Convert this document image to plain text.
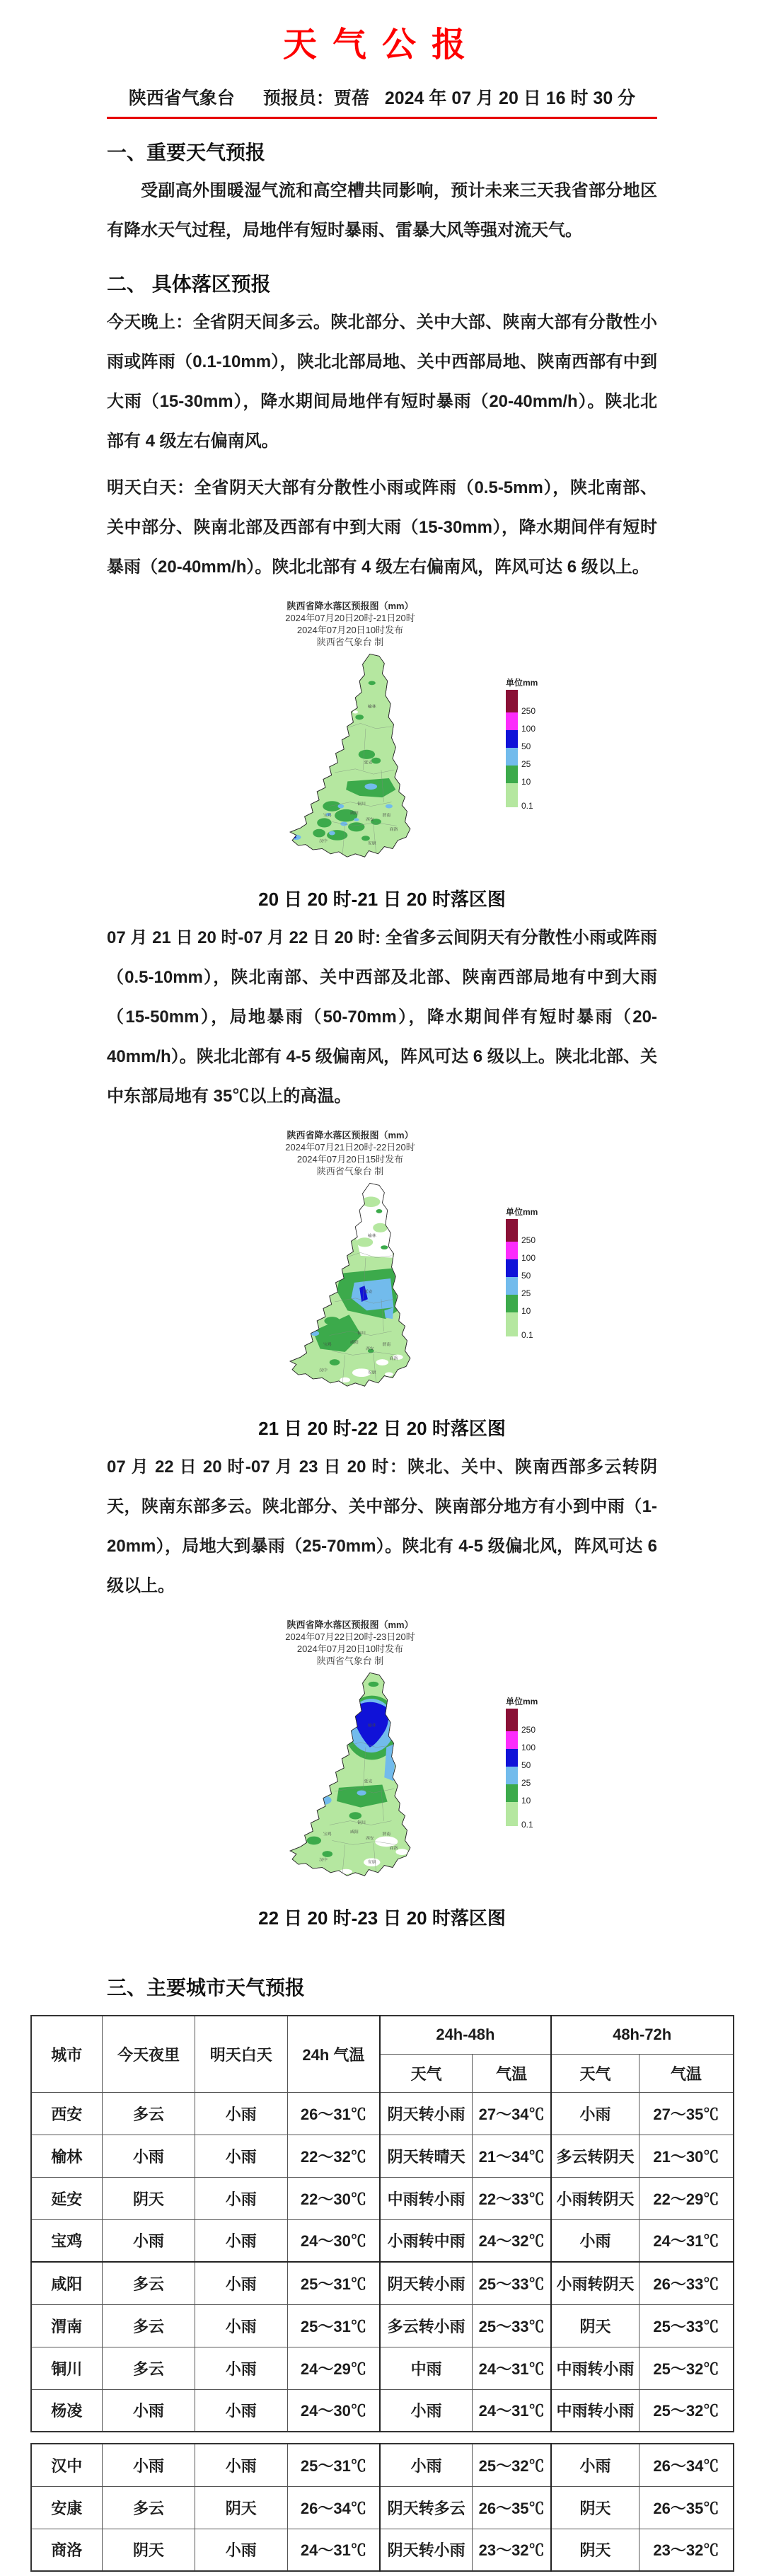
天气公报
陕西省气象台 预报员：贾蓓 2024 年 07 月 20 日 16 时 30 分
一、重要天气预报

受副高外围暖湿气流和高空槽共同影响，预计未来三天我省部分地区有降水天气过程，局地伴有短时暴雨、雷暴大风等强对流天气。

二、 具体落区预报

今天晚上：全省阴天间多云。陕北部分、关中大部、陕南大部有分散性小雨或阵雨（0.1-10mm），陕北北部局地、关中西部局地、陕南西部有中到大雨（15-30mm），降水期间局地伴有短时暴雨（20-40mm/h）。陕北北部有 4 级左右偏南风。

明天白天：全省阴天大部有分散性小雨或阵雨（0.5-5mm），陕北南部、关中部分、陕南北部及西部有中到大雨（15-30mm），降水期间伴有短时暴雨（20-40mm/h）。陕北北部有 4 级左右偏南风，阵风可达 6 级以上。

陕西省降水落区预报图（mm）
2024年07月20日20时-21日20时
2024年07月20日10时发布
陕西省气象台 制
榆林
延安
铜川
渭南
西安
咸阳
宝鸡
汉中	安康
商洛
单位mm
250
100
50
25
10
0.1
20 日 20 时-21 日 20 时落区图

07 月 21 日 20 时-07 月 22 日 20 时: 全省多云间阴天有分散性小雨或阵雨（0.5-10mm），陕北南部、关中西部及北部、陕南西部局地有中到大雨（15-50mm），局地暴雨（50-70mm），降水期间伴有短时暴雨（20-40mm/h）。陕北北部有 4-5 级偏南风，阵风可达 6 级以上。陕北北部、关中东部局地有 35℃以上的高温。

陕西省降水落区预报图（mm）
2024年07月21日20时-22日20时
2024年07月20日15时发布
陕西省气象台 制
榆林
延安
铜川
渭南
西安
咸阳
宝鸡
汉中	安康
商洛
单位mm
250
100
50
25
10
0.1
21 日 20 时-22 日 20 时落区图

07 月 22 日 20 时-07 月 23 日 20 时：陕北、关中、陕南西部多云转阴天，陕南东部多云。陕北部分、关中部分、陕南部分地方有小到中雨（1-20mm），局地大到暴雨（25-70mm）。陕北有 4-5 级偏北风，阵风可达 6 级以上。

陕西省降水落区预报图（mm）
2024年07月22日20时-23日20时
2024年07月20日10时发布
陕西省气象台 制
榆林
延安
铜川
渭南
西安
咸阳
宝鸡
汉中	安康
商洛
单位mm
250
100
50
25
10
0.1
22 日 20 时-23 日 20 时落区图
三、主要城市天气预报
城市	今天夜里	明天白天	24h 气温	24h-48h		48h-72h	
				天气	气温	天气	气温
西安	多云	小雨	26～31℃	阴天转小雨	27～34℃	小雨	27～35℃
榆林	小雨	小雨	22～32℃	阴天转晴天	21～34℃	多云转阴天	21～30℃
延安	阴天	小雨	22～30℃	中雨转小雨	22～33℃	小雨转阴天	22～29℃
宝鸡	小雨	小雨	24～30℃	小雨转中雨	24～32℃	小雨	24～31℃
咸阳	多云	小雨	25～31℃	阴天转小雨	25～33℃	小雨转阴天	26～33℃
渭南	多云	小雨	25～31℃	多云转小雨	25～33℃	阴天	25～33℃
铜川	多云	小雨	24～29℃	中雨	24～31℃	中雨转小雨	25～32℃
杨凌	小雨	小雨	24～30℃	小雨	24～31℃	中雨转小雨	25～32℃
汉中	小雨	小雨	25～31℃	小雨	25～32℃	小雨	26～34℃
安康	多云	阴天	26～34℃	阴天转多云	26～35℃	阴天	26～35℃
商洛	阴天	小雨	24～31℃	阴天转小雨	23～32℃	阴天	23～32℃
